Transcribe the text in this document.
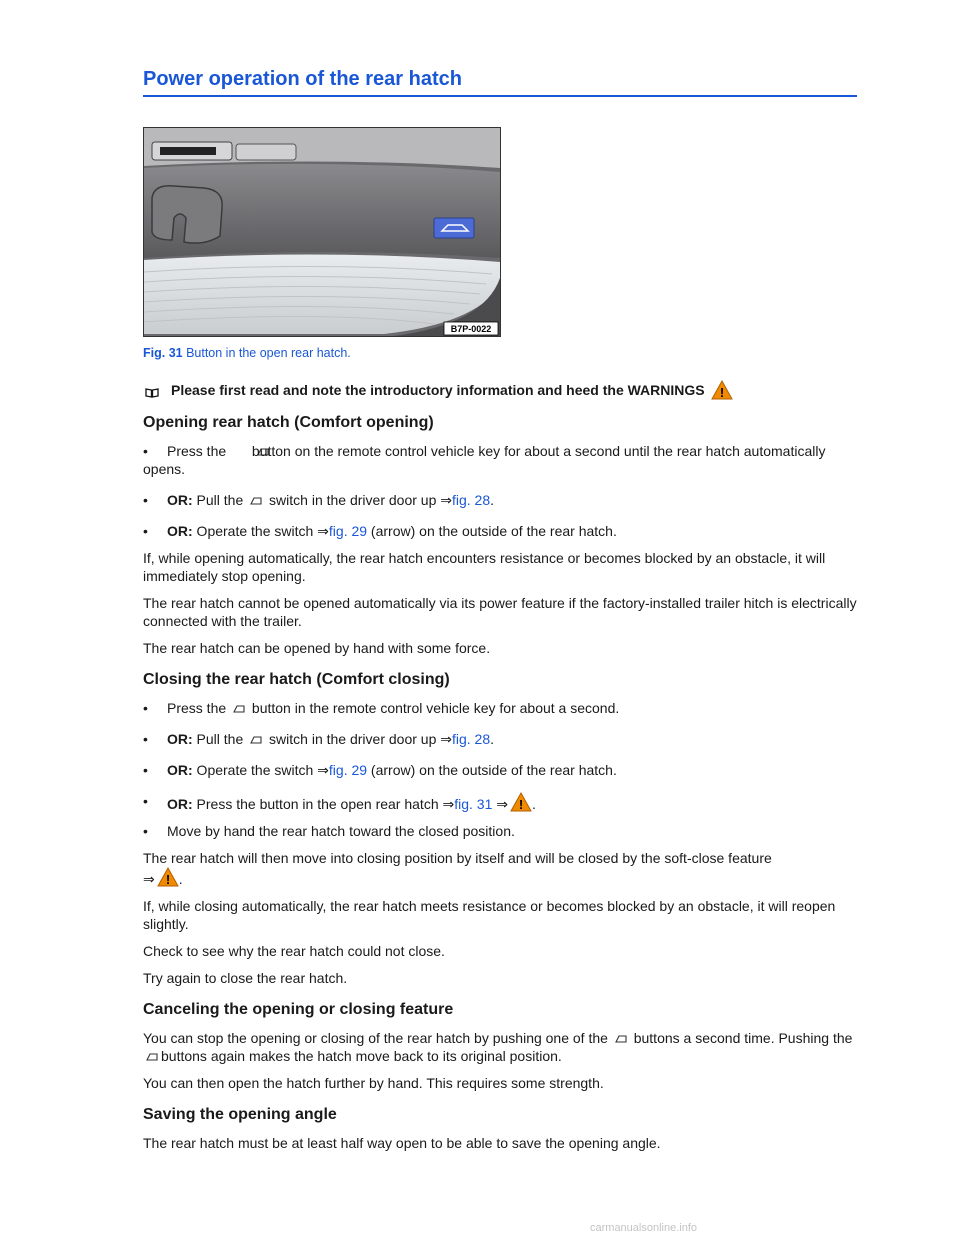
Power operation of the rear hatch
B7P-0022
Fig. 31 Button in the open rear hatch.
Please first read and note the introductory information and heed the WARNINGS !
Opening rear hatch (Comfort opening)

• Press the  button on the remote control vehicle key for about a second until the rear hatch automatically opens.

• OR: Pull the  switch in the driver door up ⇒fig. 28.

• OR: Operate the switch ⇒fig. 29 (arrow) on the outside of the rear hatch.

If, while opening automatically, the rear hatch encounters resistance or becomes blocked by an obstacle, it will immediately stop opening.

The rear hatch cannot be opened automatically via its power feature if the factory-installed trailer hitch is electrically connected with the trailer.

The rear hatch can be opened by hand with some force.

Closing the rear hatch (Comfort closing)

• Press the  button in the remote control vehicle key for about a second.

• OR: Pull the  switch in the driver door up ⇒fig. 28.

• OR: Operate the switch ⇒fig. 29 (arrow) on the outside of the rear hatch.

• OR: Press the button in the open rear hatch ⇒fig. 31 ⇒ ! .

• Move by hand the rear hatch toward the closed position.

The rear hatch will then move into closing position by itself and will be closed by the soft-close feature
⇒ ! .

If, while closing automatically, the rear hatch meets resistance or becomes blocked by an obstacle, it will reopen slightly.

Check to see why the rear hatch could not close.

Try again to close the rear hatch.

Canceling the opening or closing feature

You can stop the opening or closing of the rear hatch by pushing one of the  buttons a second time. Pushing the buttons again makes the hatch move back to its original position.

You can then open the hatch further by hand. This requires some strength.

Saving the opening angle

The rear hatch must be at least half way open to be able to save the opening angle.

carmanualsonline.info
